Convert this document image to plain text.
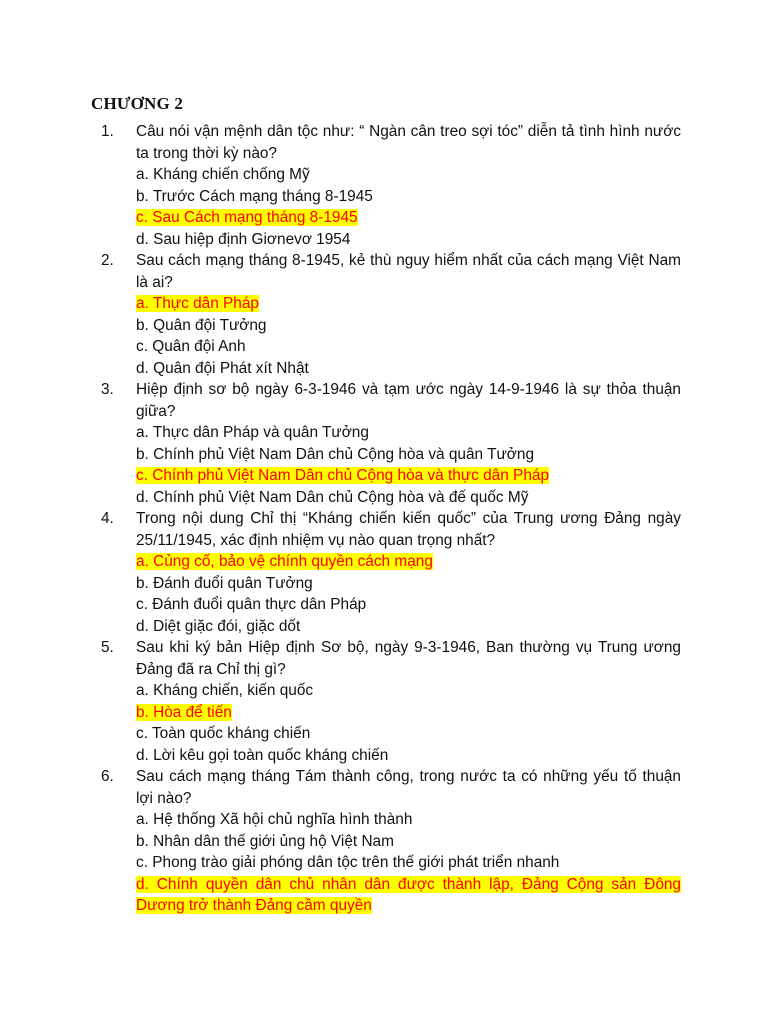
CHƯƠNG 2
1. Câu nói vận mệnh dân tộc như: “ Ngàn cân treo sợi tóc” diễn tả tình hình nước ta trong thời kỳ nào?

a. Kháng chiến chống Mỹ

b. Trước Cách mạng tháng 8-1945

c. Sau Cách mạng tháng 8-1945

d. Sau hiệp định Giơnevơ 1954

2. Sau cách mạng tháng 8-1945, kẻ thù nguy hiểm nhất của cách mạng Việt Nam là ai?

a. Thực dân Pháp

b. Quân đội Tưởng

c. Quân đội Anh

d. Quân đội Phát xít Nhật

3. Hiệp định sơ bộ ngày 6-3-1946 và tạm ước ngày 14-9-1946 là sự thỏa thuận giữa?

a. Thực dân Pháp và quân Tưởng

b. Chính phủ Việt Nam Dân chủ Cộng hòa và quân Tưởng

c. Chính phủ Việt Nam Dân chủ Cộng hòa và thực dân Pháp

d. Chính phủ Việt Nam Dân chủ Cộng hòa và đế quốc Mỹ

4. Trong nội dung Chỉ thị “Kháng chiến kiến quốc” của Trung ương Đảng ngày 25/11/1945, xác định nhiệm vụ nào quan trọng nhất?

a. Củng cố, bảo vệ chính quyền cách mạng

b. Đánh đuổi quân Tưởng

c. Đánh đuổi quân thực dân Pháp

d. Diệt giặc đói, giặc dốt

5. Sau khi ký bản Hiệp định Sơ bộ, ngày 9-3-1946, Ban thường vụ Trung ương Đảng đã ra Chỉ thị gì?

a. Kháng chiến, kiến quốc

b. Hòa để tiến

c. Toàn quốc kháng chiến

d. Lời kêu gọi toàn quốc kháng chiến

6. Sau cách mạng tháng Tám thành công, trong nước ta có những yếu tố thuận lợi nào?

a. Hệ thống Xã hội chủ nghĩa hình thành

b. Nhân dân thế giới ủng hộ Việt Nam

c. Phong trào giải phóng dân tộc trên thế giới phát triển nhanh

d. Chính quyền dân chủ nhân dân được thành lập, Đảng Cộng sản Đông Dương trở thành Đảng cầm quyền
